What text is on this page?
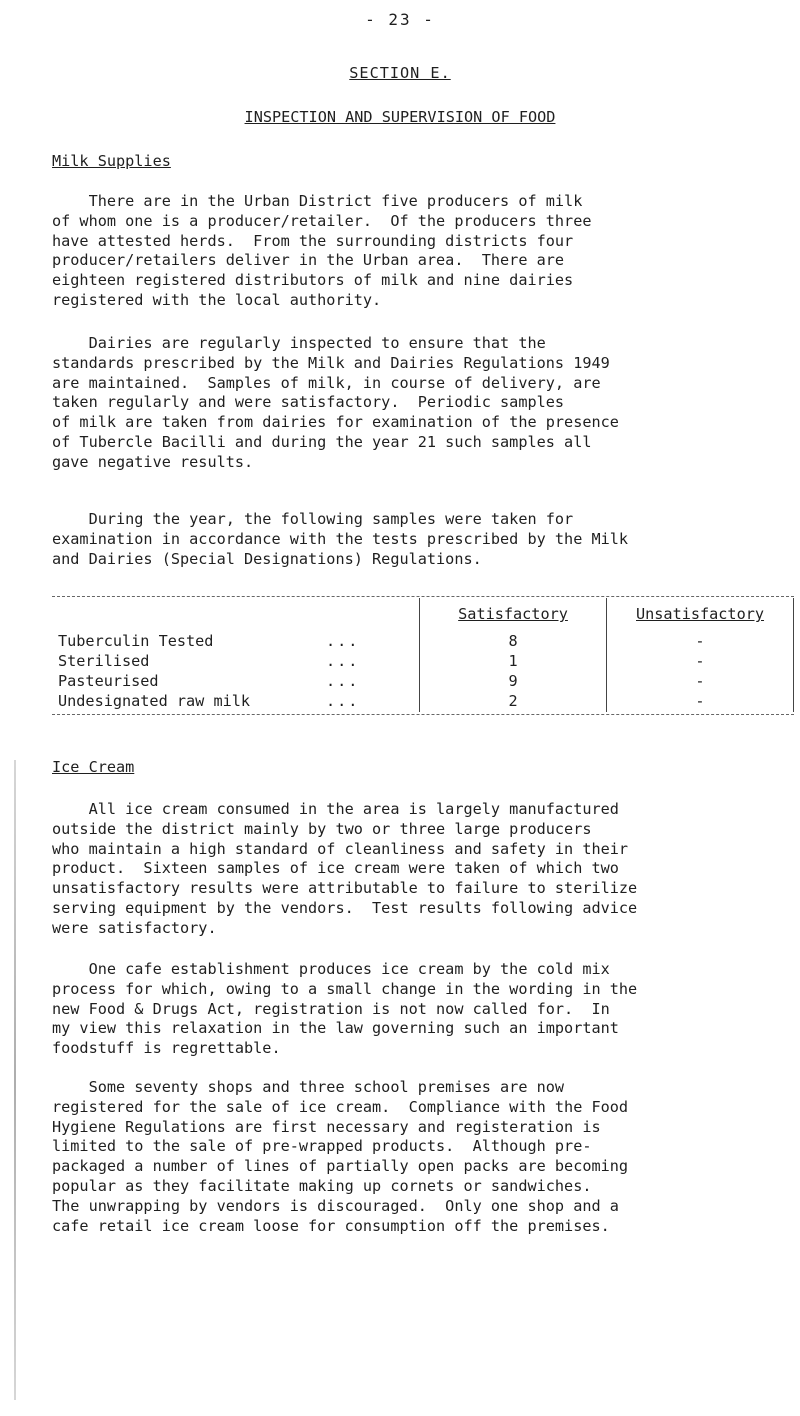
- 23 -
SECTION E.
INSPECTION AND SUPERVISION OF FOOD
Milk Supplies
There are in the Urban District five producers of milk
of whom one is a producer/retailer.  Of the producers three
have attested herds.  From the surrounding districts four
producer/retailers deliver in the Urban area.  There are
eighteen registered distributors of milk and nine dairies
registered with the local authority.
Dairies are regularly inspected to ensure that the
standards prescribed by the Milk and Dairies Regulations 1949
are maintained.  Samples of milk, in course of delivery, are
taken regularly and were satisfactory.  Periodic samples
of milk are taken from dairies for examination of the presence
of Tubercle Bacilli and during the year 21 such samples all
gave negative results.
During the year, the following samples were taken for
examination in accordance with the tests prescribed by the Milk
and Dairies (Special Designations) Regulations.
	Satisfactory	Unsatisfactory
Tuberculin Tested ...	8	-
Sterilised ...	1	-
Pasteurised ...	9	-
Undesignated raw milk ...	2	-
Ice Cream
All ice cream consumed in the area is largely manufactured
outside the district mainly by two or three large producers
who maintain a high standard of cleanliness and safety in their
product.  Sixteen samples of ice cream were taken of which two
unsatisfactory results were attributable to failure to sterilize
serving equipment by the vendors.  Test results following advice
were satisfactory.
One cafe establishment produces ice cream by the cold mix
process for which, owing to a small change in the wording in the
new Food & Drugs Act, registration is not now called for.  In
my view this relaxation in the law governing such an important
foodstuff is regrettable.
Some seventy shops and three school premises are now
registered for the sale of ice cream.  Compliance with the Food
Hygiene Regulations are first necessary and registeration is
limited to the sale of pre-wrapped products.  Although pre-
packaged a number of lines of partially open packs are becoming
popular as they facilitate making up cornets or sandwiches.
The unwrapping by vendors is discouraged.  Only one shop and a
cafe retail ice cream loose for consumption off the premises.
